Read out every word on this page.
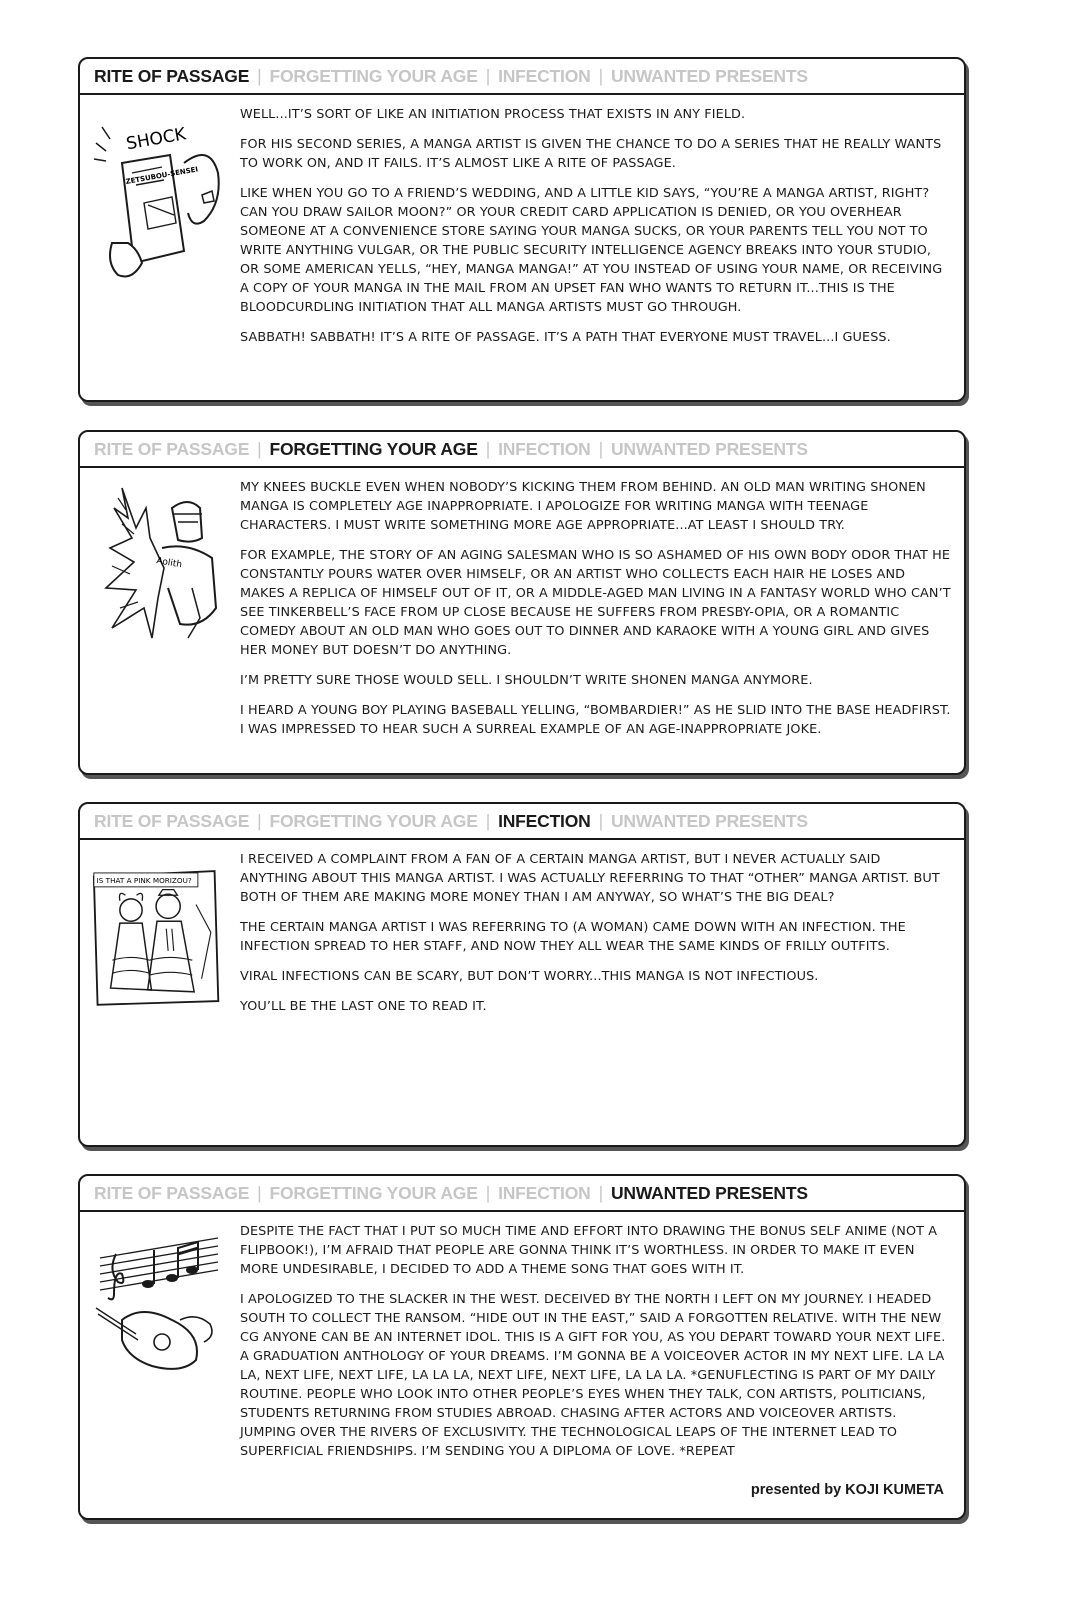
RITE OF PASSAGE | FORGETTING YOUR AGE | INFECTION | UNWANTED PRESENTS
SHOCK
ZETSUBOU-SENSEI

WELL...IT’S SORT OF LIKE AN INITIATION PROCESS THAT EXISTS IN ANY FIELD.

FOR HIS SECOND SERIES, A MANGA ARTIST IS GIVEN THE CHANCE TO DO A SERIES THAT HE REALLY WANTS TO WORK ON, AND IT FAILS. IT’S ALMOST LIKE A RITE OF PASSAGE.

LIKE WHEN YOU GO TO A FRIEND’S WEDDING, AND A LITTLE KID SAYS, “YOU’RE A MANGA ARTIST, RIGHT? CAN YOU DRAW SAILOR MOON?” OR YOUR CREDIT CARD APPLICATION IS DENIED, OR YOU OVERHEAR SOMEONE AT A CONVENIENCE STORE SAYING YOUR MANGA SUCKS, OR YOUR PARENTS TELL YOU NOT TO WRITE ANYTHING VULGAR, OR THE PUBLIC SECURITY INTELLIGENCE AGENCY BREAKS INTO YOUR STUDIO, OR SOME AMERICAN YELLS, “HEY, MANGA MANGA!” AT YOU INSTEAD OF USING YOUR NAME, OR RECEIVING A COPY OF YOUR MANGA IN THE MAIL FROM AN UPSET FAN WHO WANTS TO RETURN IT...THIS IS THE BLOODCURDLING INITIATION THAT ALL MANGA ARTISTS MUST GO THROUGH.

SABBATH! SABBATH! IT’S A RITE OF PASSAGE. IT’S A PATH THAT EVERYONE MUST TRAVEL...I GUESS.

RITE OF PASSAGE | FORGETTING YOUR AGE | INFECTION | UNWANTED PRESENTS
Aolith

MY KNEES BUCKLE EVEN WHEN NOBODY’S KICKING THEM FROM BEHIND. AN OLD MAN WRITING SHONEN MANGA IS COMPLETELY AGE INAPPROPRIATE. I APOLOGIZE FOR WRITING MANGA WITH TEENAGE CHARACTERS. I MUST WRITE SOMETHING MORE AGE APPROPRIATE...AT LEAST I SHOULD TRY.

FOR EXAMPLE, THE STORY OF AN AGING SALESMAN WHO IS SO ASHAMED OF HIS OWN BODY ODOR THAT HE CONSTANTLY POURS WATER OVER HIMSELF, OR AN ARTIST WHO COLLECTS EACH HAIR HE LOSES AND MAKES A REPLICA OF HIMSELF OUT OF IT, OR A MIDDLE-AGED MAN LIVING IN A FANTASY WORLD WHO CAN’T SEE TINKERBELL’S FACE FROM UP CLOSE BECAUSE HE SUFFERS FROM PRESBY-OPIA, OR A ROMANTIC COMEDY ABOUT AN OLD MAN WHO GOES OUT TO DINNER AND KARAOKE WITH A YOUNG GIRL AND GIVES HER MONEY BUT DOESN’T DO ANYTHING.

I’M PRETTY SURE THOSE WOULD SELL. I SHOULDN’T WRITE SHONEN MANGA ANYMORE.

I HEARD A YOUNG BOY PLAYING BASEBALL YELLING, “BOMBARDIER!” AS HE SLID INTO THE BASE HEADFIRST. I WAS IMPRESSED TO HEAR SUCH A SURREAL EXAMPLE OF AN AGE-INAPPROPRIATE JOKE.

RITE OF PASSAGE | FORGETTING YOUR AGE | INFECTION | UNWANTED PRESENTS
IS THAT A PINK MORIZOU?

I RECEIVED A COMPLAINT FROM A FAN OF A CERTAIN MANGA ARTIST, BUT I NEVER ACTUALLY SAID ANYTHING ABOUT THIS MANGA ARTIST. I WAS ACTUALLY REFERRING TO THAT “OTHER” MANGA ARTIST. BUT BOTH OF THEM ARE MAKING MORE MONEY THAN I AM ANYWAY, SO WHAT’S THE BIG DEAL?

THE CERTAIN MANGA ARTIST I WAS REFERRING TO (A WOMAN) CAME DOWN WITH AN INFECTION. THE INFECTION SPREAD TO HER STAFF, AND NOW THEY ALL WEAR THE SAME KINDS OF FRILLY OUTFITS.

VIRAL INFECTIONS CAN BE SCARY, BUT DON’T WORRY...THIS MANGA IS NOT INFECTIOUS.

YOU’LL BE THE LAST ONE TO READ IT.

RITE OF PASSAGE | FORGETTING YOUR AGE | INFECTION | UNWANTED PRESENTS

DESPITE THE FACT THAT I PUT SO MUCH TIME AND EFFORT INTO DRAWING THE BONUS SELF ANIME (NOT A FLIPBOOK!), I’M AFRAID THAT PEOPLE ARE GONNA THINK IT’S WORTHLESS. IN ORDER TO MAKE IT EVEN MORE UNDESIRABLE, I DECIDED TO ADD A THEME SONG THAT GOES WITH IT.

I APOLOGIZED TO THE SLACKER IN THE WEST. DECEIVED BY THE NORTH I LEFT ON MY JOURNEY. I HEADED SOUTH TO COLLECT THE RANSOM. “HIDE OUT IN THE EAST,” SAID A FORGOTTEN RELATIVE. WITH THE NEW CG ANYONE CAN BE AN INTERNET IDOL. THIS IS A GIFT FOR YOU, AS YOU DEPART TOWARD YOUR NEXT LIFE. A GRADUATION ANTHOLOGY OF YOUR DREAMS. I’M GONNA BE A VOICEOVER ACTOR IN MY NEXT LIFE. LA LA LA, NEXT LIFE, NEXT LIFE, LA LA LA, NEXT LIFE, NEXT LIFE, LA LA LA. *GENUFLECTING IS PART OF MY DAILY ROUTINE. PEOPLE WHO LOOK INTO OTHER PEOPLE’S EYES WHEN THEY TALK, CON ARTISTS, POLITICIANS, STUDENTS RETURNING FROM STUDIES ABROAD. CHASING AFTER ACTORS AND VOICEOVER ARTISTS. JUMPING OVER THE RIVERS OF EXCLUSIVITY. THE TECHNOLOGICAL LEAPS OF THE INTERNET LEAD TO SUPERFICIAL FRIENDSHIPS. I’M SENDING YOU A DIPLOMA OF LOVE. *REPEAT

presented by KOJI KUMETA
